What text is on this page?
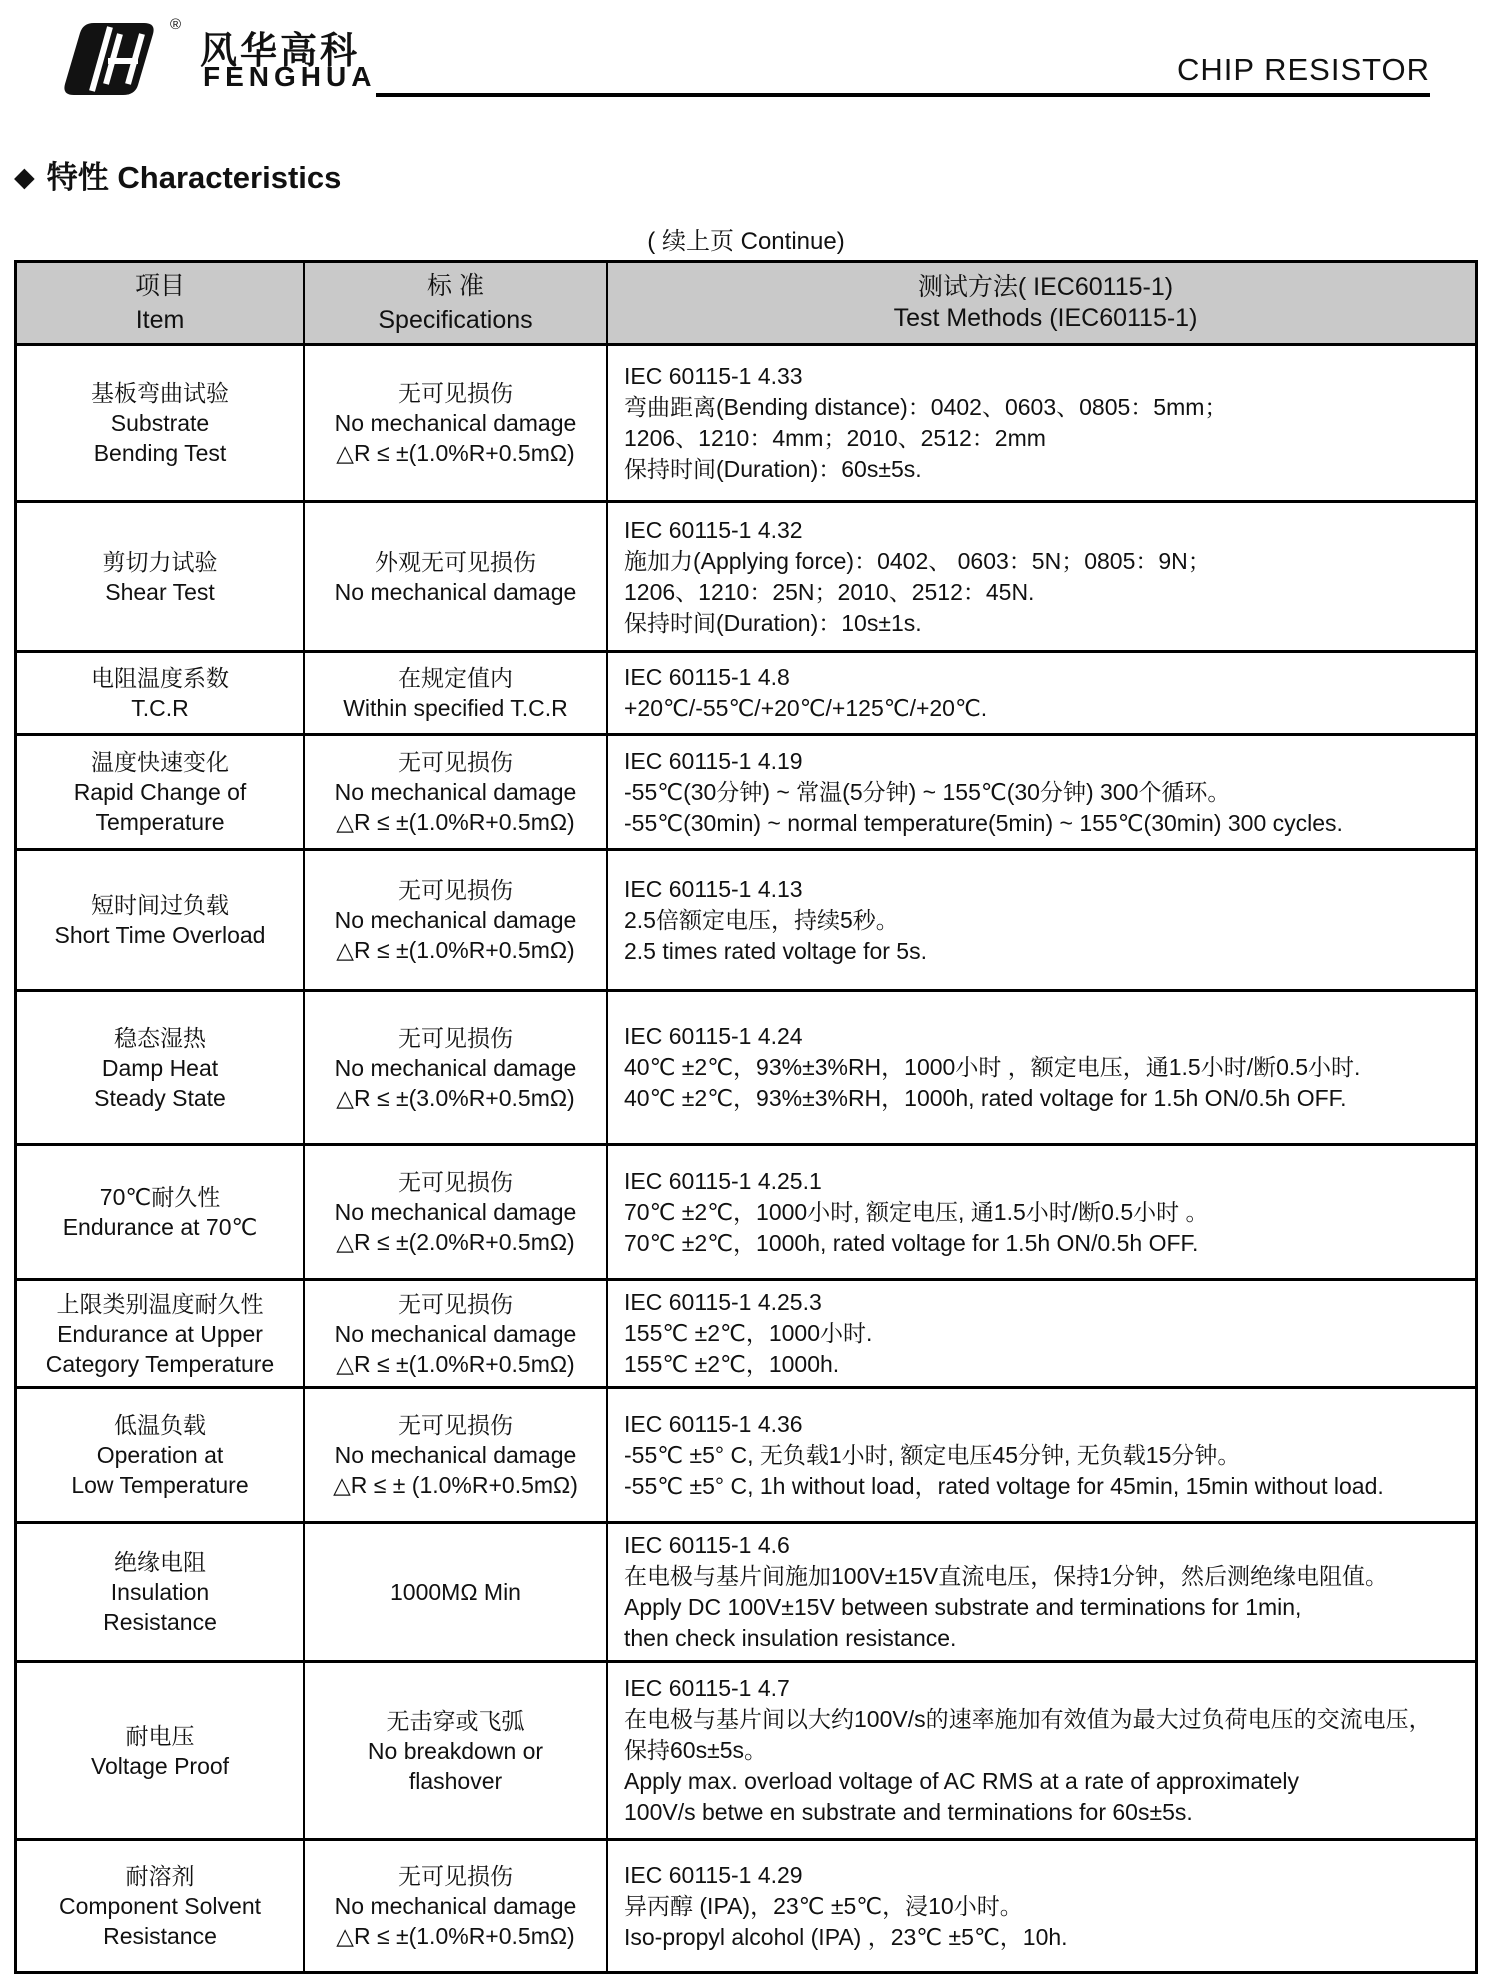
®
风华高科
FENGHUA	CHIP RESISTOR
◆ 特性 Characteristics
( 续上页 Continue)
项目
Item
标 准
Specifications
测试方法( IEC60115-1)
Test Methods (IEC60115-1)
基板弯曲试验
Substrate
Bending Test
无可见损伤
No mechanical damage
△R ≤ ±(1.0%R+0.5mΩ)
IEC 60115-1 4.33
弯曲距离(Bending distance)：0402、0603、0805：5mm；
1206、1210：4mm；2010、2512：2mm
保持时间(Duration)：60s±5s.
剪切力试验
Shear Test
外观无可见损伤
No mechanical damage
IEC 60115-1 4.32
施加力(Applying force)：0402、 0603：5N；0805：9N；
1206、1210：25N；2010、2512：45N.
保持时间(Duration)：10s±1s.
电阻温度系数
T.C.R
在规定值内
Within specified T.C.R
IEC 60115-1 4.8
+20℃/-55℃/+20℃/+125℃/+20℃.
温度快速变化
Rapid Change of
Temperature
无可见损伤
No mechanical damage
△R ≤ ±(1.0%R+0.5mΩ)
IEC 60115-1 4.19
-55℃(30分钟) ~ 常温(5分钟) ~ 155℃(30分钟) 300个循环。
-55℃(30min) ~ normal temperature(5min) ~ 155℃(30min) 300 cycles.
短时间过负载
Short Time Overload
无可见损伤
No mechanical damage
△R ≤ ±(1.0%R+0.5mΩ)
IEC 60115-1 4.13
2.5倍额定电压，持续5秒。
2.5 times rated voltage for 5s.
稳态湿热
Damp Heat
Steady State
无可见损伤
No mechanical damage
△R ≤ ±(3.0%R+0.5mΩ)
IEC 60115-1 4.24
40℃ ±2℃，93%±3%RH，1000小时 ，额定电压，通1.5小时/断0.5小时.
40℃ ±2℃，93%±3%RH，1000h, rated voltage for 1.5h ON/0.5h OFF.
70℃耐久性
Endurance at 70℃
无可见损伤
No mechanical damage
△R ≤ ±(2.0%R+0.5mΩ)
IEC 60115-1 4.25.1
70℃ ±2℃，1000小时, 额定电压, 通1.5小时/断0.5小时 。
70℃ ±2℃，1000h, rated voltage for 1.5h ON/0.5h OFF.
上限类别温度耐久性
Endurance at Upper
Category Temperature
无可见损伤
No mechanical damage
△R ≤ ±(1.0%R+0.5mΩ)
IEC 60115-1 4.25.3
155℃ ±2℃，1000小时.
155℃ ±2℃，1000h.
低温负载
Operation at
Low Temperature
无可见损伤
No mechanical damage
△R ≤ ± (1.0%R+0.5mΩ)
IEC 60115-1 4.36
-55℃ ±5° C, 无负载1小时, 额定电压45分钟, 无负载15分钟。
-55℃ ±5° C, 1h without load，rated voltage for 45min, 15min without load.
绝缘电阻
Insulation
Resistance
1000MΩ Min
IEC 60115-1 4.6
在电极与基片间施加100V±15V直流电压，保持1分钟，然后测绝缘电阻值。
Apply DC 100V±15V between substrate and terminations for 1min,
then check insulation resistance.
耐电压
Voltage Proof
无击穿或飞弧
No breakdown or
flashover
IEC 60115-1 4.7
在电极与基片间以大约100V/s的速率施加有效值为最大过负荷电压的交流电压，
保持60s±5s。
Apply max. overload voltage of AC RMS at a rate of approximately
100V/s betwe en substrate and terminations for 60s±5s.
耐溶剂
Component Solvent
Resistance
无可见损伤
No mechanical damage
△R ≤ ±(1.0%R+0.5mΩ)
IEC 60115-1 4.29
异丙醇 (IPA)，23℃ ±5℃，浸10小时。
Iso-propyl alcohol (IPA) ，23℃ ±5℃，10h.
